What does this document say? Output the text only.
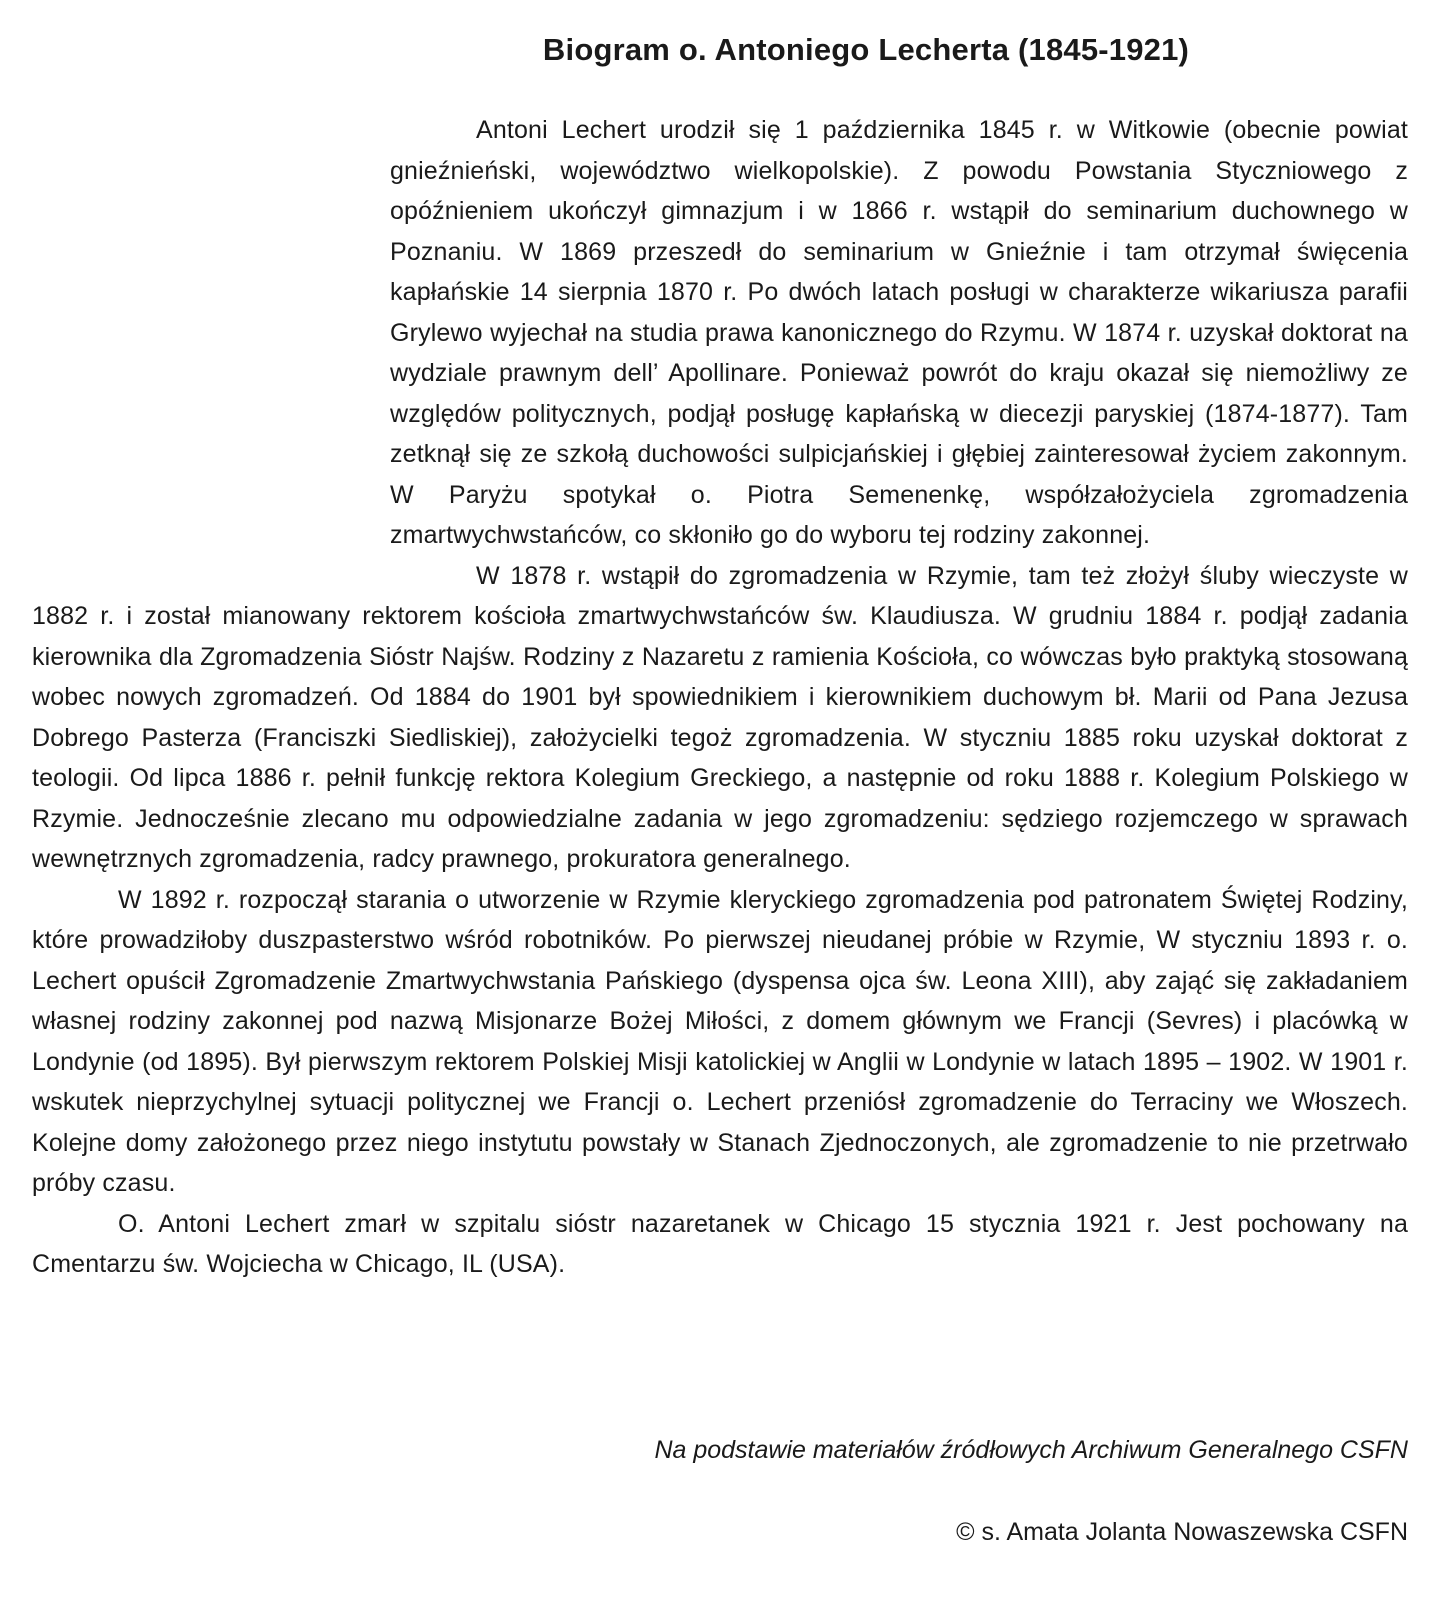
Biogram o. Antoniego Lecherta (1845-1921)

Antoni Lechert urodził się 1 października 1845 r. w Witkowie (obecnie powiat gnieźnieński, województwo wielkopolskie). Z powodu Powstania Styczniowego z opóźnieniem ukończył gimnazjum i w 1866 r. wstąpił do seminarium duchownego w Poznaniu. W 1869 przeszedł do seminarium w Gnieźnie i tam otrzymał święcenia kapłańskie 14 sierpnia 1870 r. Po dwóch latach posługi w charakterze wikariusza parafii Grylewo wyjechał na studia prawa kanonicznego do Rzymu. W 1874 r. uzyskał doktorat na wydziale prawnym dell’ Apollinare. Ponieważ powrót do kraju okazał się niemożliwy ze względów politycznych, podjął posługę kapłańską w diecezji paryskiej (1874-1877). Tam zetknął się ze szkołą duchowości sulpicjańskiej i głębiej zainteresował życiem zakonnym. W Paryżu spotykał o. Piotra Semenenkę, współzałożyciela zgromadzenia zmartwychwstańców, co skłoniło go do wyboru tej rodziny zakonnej.

W 1878 r. wstąpił do zgromadzenia w Rzymie, tam też złożył śluby wieczyste w 1882 r. i został mianowany rektorem kościoła zmartwychwstańców św. Klaudiusza. W grudniu 1884 r. podjął zadania kierownika dla Zgromadzenia Sióstr Najśw. Rodziny z Nazaretu z ramienia Kościoła, co wówczas było praktyką stosowaną wobec nowych zgromadzeń. Od 1884 do 1901 był spowiednikiem i kierownikiem duchowym bł. Marii od Pana Jezusa Dobrego Pasterza (Franciszki Siedliskiej), założycielki tegoż zgromadzenia. W styczniu 1885 roku uzyskał doktorat z teologii. Od lipca 1886 r. pełnił funkcję rektora Kolegium Greckiego, a następnie od roku 1888 r. Kolegium Polskiego w Rzymie. Jednocześnie zlecano mu odpowiedzialne zadania w jego zgromadzeniu: sędziego rozjemczego w sprawach wewnętrznych zgromadzenia, radcy prawnego, prokuratora generalnego.

W 1892 r. rozpoczął starania o utworzenie w Rzymie kleryckiego zgromadzenia pod patronatem Świętej Rodziny, które prowadziłoby duszpasterstwo wśród robotników. Po pierwszej nieudanej próbie w Rzymie, W styczniu 1893 r. o. Lechert opuścił Zgromadzenie Zmartwychwstania Pańskiego (dyspensa ojca św. Leona XIII), aby zająć się zakładaniem własnej rodziny zakonnej pod nazwą Misjonarze Bożej Miłości, z domem głównym we Francji (Sevres) i placówką w Londynie (od 1895). Był pierwszym rektorem Polskiej Misji katolickiej w Anglii w Londynie w latach 1895 – 1902. W 1901 r. wskutek nieprzychylnej sytuacji politycznej we Francji o. Lechert przeniósł zgromadzenie do Terraciny we Włoszech. Kolejne domy założonego przez niego instytutu powstały w Stanach Zjednoczonych, ale zgromadzenie to nie przetrwało próby czasu.

O. Antoni Lechert zmarł w szpitalu sióstr nazaretanek w Chicago 15 stycznia 1921 r. Jest pochowany na Cmentarzu św. Wojciecha w Chicago, IL (USA).

Na podstawie materiałów źródłowych Archiwum Generalnego CSFN
© s. Amata Jolanta Nowaszewska CSFN
